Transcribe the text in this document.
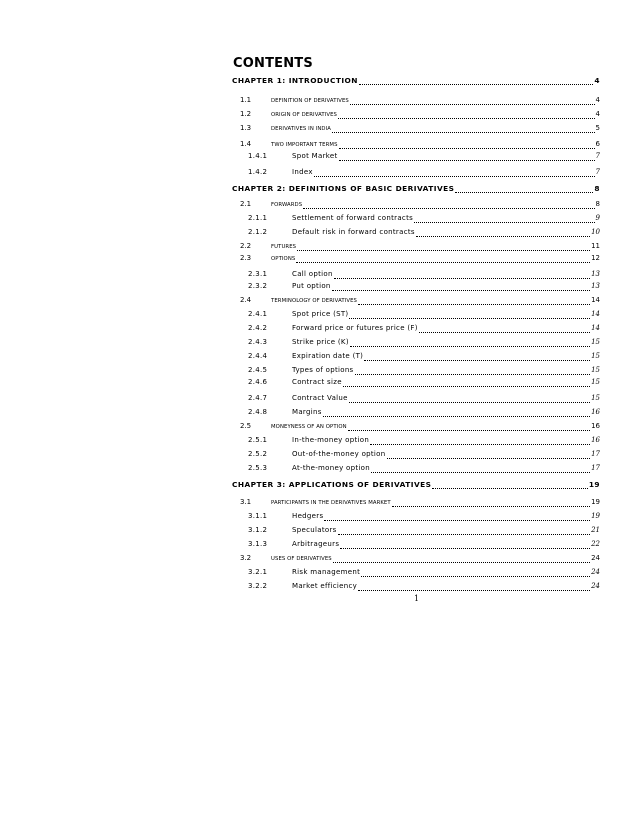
CONTENTS
CHAPTER 1: INTRODUCTION	4
1.1	DEFINITION OF DERIVATIVES	4
1.2	ORIGIN OF DERIVATIVES	4
1.3	DERIVATIVES IN INDIA	5
1.4	TWO IMPORTANT TERMS	6
1.4.1	Spot Market	7
1.4.2	Index	7
CHAPTER 2: DEFINITIONS OF BASIC DERIVATIVES	8
2.1	FORWARDS	8
2.1.1	Settlement of forward contracts	9
2.1.2	Default risk in forward contracts	10
2.2	FUTURES	11
2.3	OPTIONS	12
2.3.1	Call option	13
2.3.2	Put option	13
2.4	TERMINOLOGY OF DERIVATIVES	14
2.4.1	Spot price (ST)	14
2.4.2	Forward price or futures price (F)	14
2.4.3	Strike price (K)	15
2.4.4	Expiration date (T)	15
2.4.5	Types of options	15
2.4.6	Contract size	15
2.4.7	Contract Value	15
2.4.8	Margins	16
2.5	MONEYNESS OF AN OPTION	16
2.5.1	In-the-money option	16
2.5.2	Out-of-the-money option	17
2.5.3	At-the-money option	17
CHAPTER 3: APPLICATIONS OF DERIVATIVES	19
3.1	PARTICIPANTS IN THE DERIVATIVES MARKET	19
3.1.1	Hedgers	19
3.1.2	Speculators	21
3.1.3	Arbitrageurs	22
3.2	USES OF DERIVATIVES	24
3.2.1	Risk management	24
3.2.2	Market efficiency	24
1
